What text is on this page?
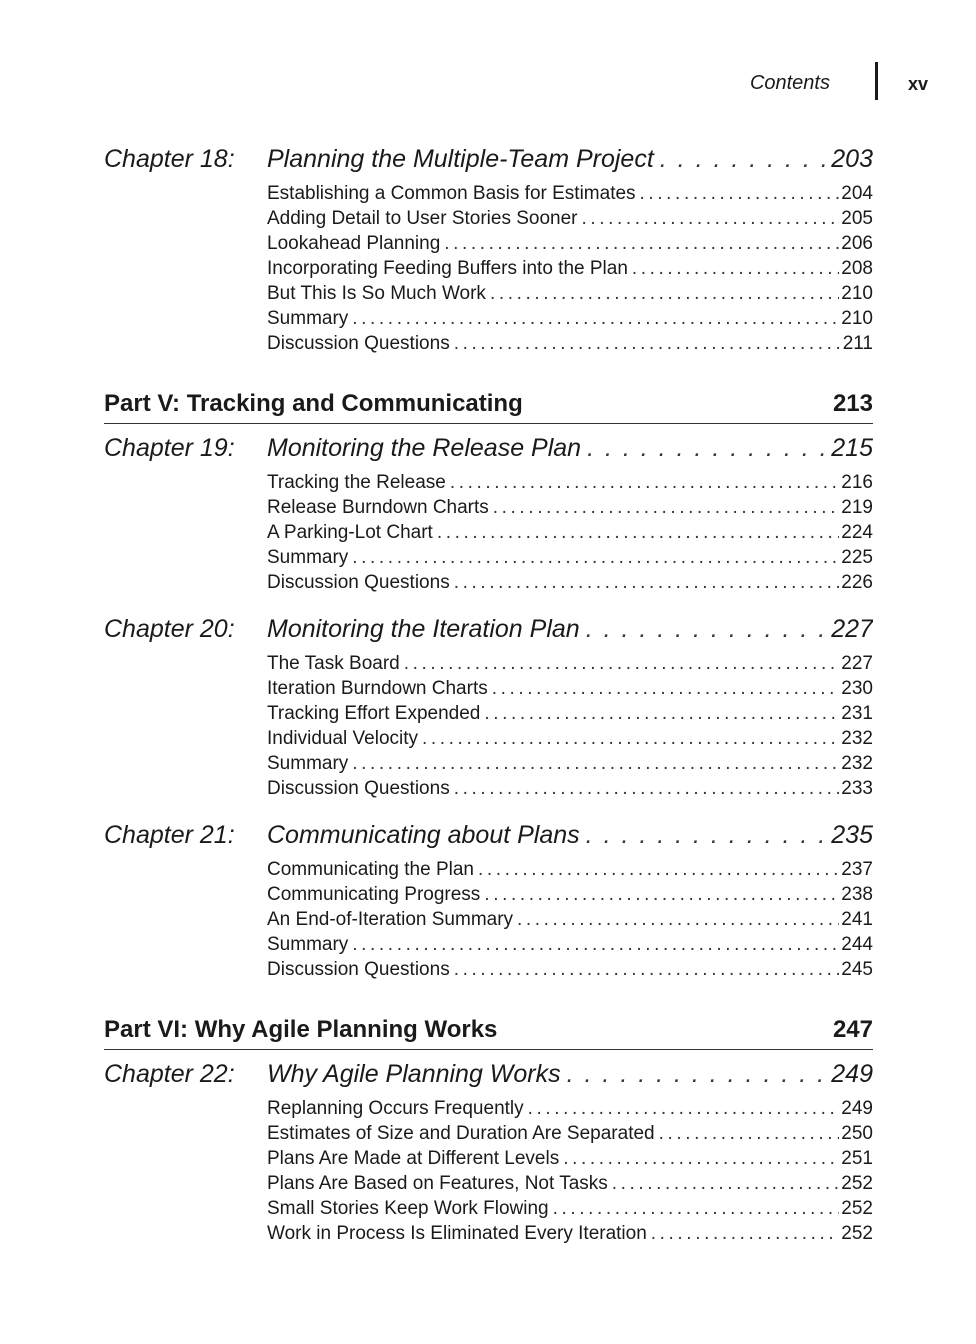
Contents	xv
Chapter 18:	Planning the Multiple-Team Project . . .	203
Establishing a Common Basis for Estimates .....	204
Adding Detail to User Stories Sooner .....	205
Lookahead Planning .....	206
Incorporating Feeding Buffers into the Plan .....	208
But This Is So Much Work .....	210
Summary .....	210
Discussion Questions .....	211
Part V: Tracking and Communicating	213
Chapter 19:	Monitoring the Release Plan . . .	215
Tracking the Release .....	216
Release Burndown Charts .....	219
A Parking-Lot Chart .....	224
Summary .....	225
Discussion Questions .....	226
Chapter 20:	Monitoring the Iteration Plan . . .	227
The Task Board .....	227
Iteration Burndown Charts .....	230
Tracking Effort Expended .....	231
Individual Velocity .....	232
Summary .....	232
Discussion Questions .....	233
Chapter 21:	Communicating about Plans . . .	235
Communicating the Plan .....	237
Communicating Progress .....	238
An End-of-Iteration Summary .....	241
Summary .....	244
Discussion Questions .....	245
Part VI: Why Agile Planning Works	247
Chapter 22:	Why Agile Planning Works . . .	249
Replanning Occurs Frequently .....	249
Estimates of Size and Duration Are Separated .....	250
Plans Are Made at Different Levels .....	251
Plans Are Based on Features, Not Tasks .....	252
Small Stories Keep Work Flowing .....	252
Work in Process Is Eliminated Every Iteration .....	252
